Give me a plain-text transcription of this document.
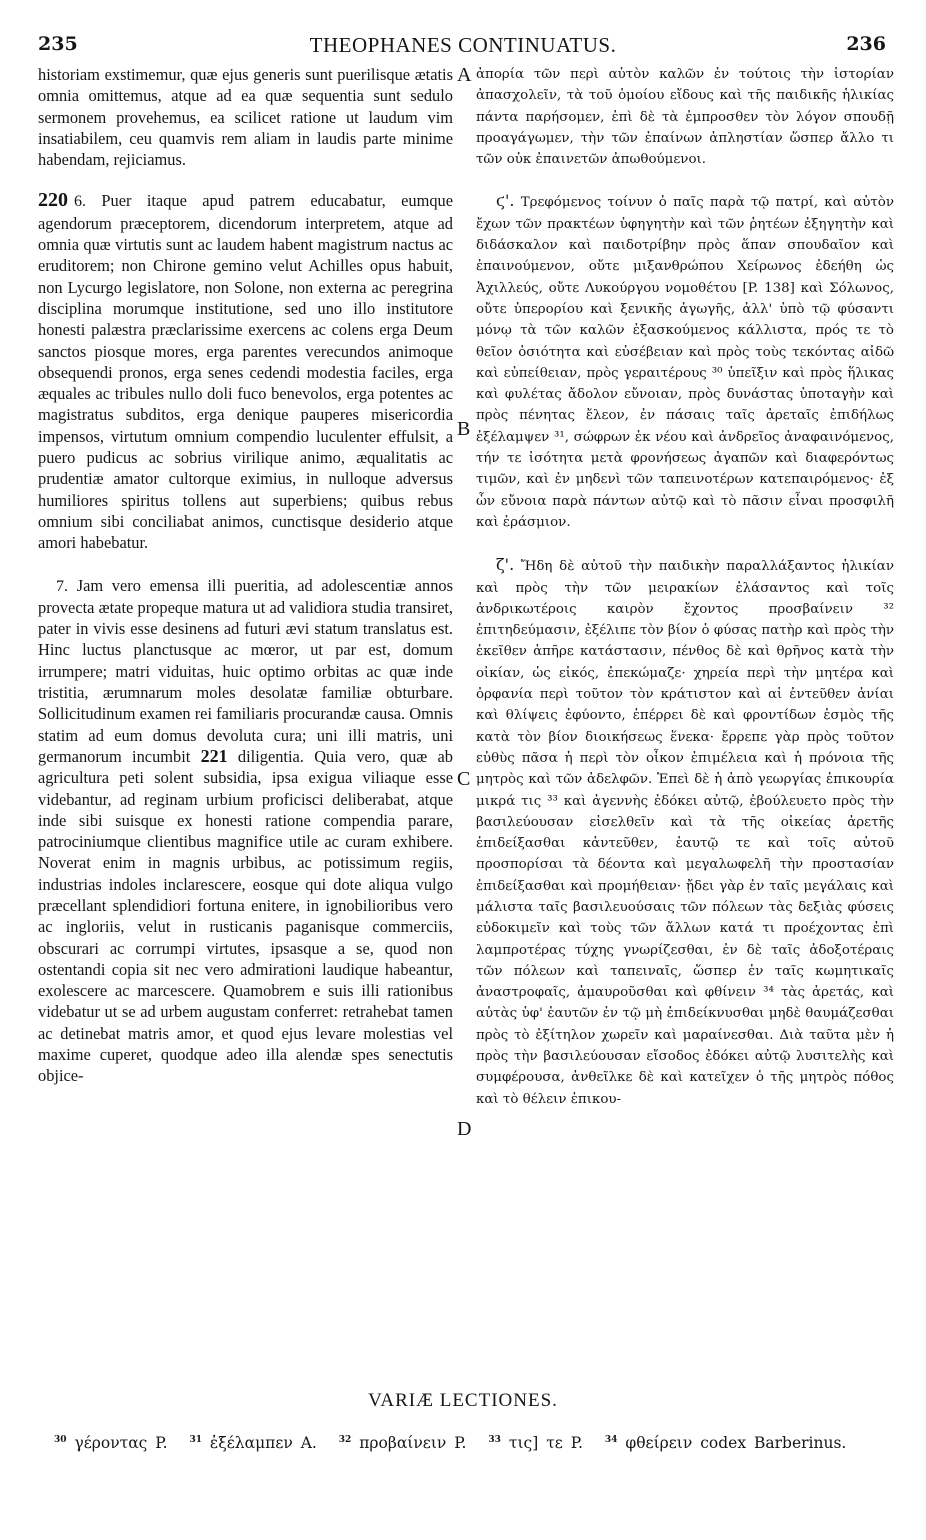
235	THEOPHANES CONTINUATUS.	236

historiam exstimemur, quæ ejus generis sunt puerilisque ætatis omnia omittemus, atque ad ea quæ sequentia sunt sedulo sermonem provehemus, ea scilicet ratione ut laudum vim insatiabilem, ceu quamvis rem aliam in laudis parte minime habendam, rejiciamus.

220 6. Puer itaque apud patrem educabatur, eumque agendorum præceptorem, dicendorum interpretem, atque ad omnia quæ virtutis sunt ac laudem habent magistrum nactus ac eruditorem; non Chirone gemino velut Achilles opus habuit, non Lycurgo legislatore, non Solone, non externa ac peregrina disciplina morumque institutione, sed uno illo institutore honesti palæstra præclarissime exercens ac colens erga Deum sanctos piosque mores, erga parentes verecundos animoque obsequendi pronos, erga senes cedendi modestia faciles, erga æquales ac tribules nullo doli fuco benevolos, erga potentes ac magistratus subditos, erga denique pauperes misericordia impensos, virtutum omnium compendio luculenter effulsit, a puero pudicus ac sobrius virilique animo, æqualitatis ac prudentiæ amator cultorque eximius, in nulloque adversus humiliores spiritus tollens aut superbiens; quibus rebus omnium sibi conciliabat animos, cunctisque desiderio atque amori habebatur.

7. Jam vero emensa illi pueritia, ad adolescentiæ annos provecta ætate propeque matura ut ad validiora studia transiret, pater in vivis esse desinens ad futuri ævi statum translatus est. Hinc luctus planctusque ac mœror, ut par est, domum irrumpere; matri viduitas, huic optimo orbitas ac quæ inde tristitia, ærumnarum moles desolatæ familiæ obturbare. Sollicitudinum examen rei familiaris procurandæ causa. Omnis statim ad eum domus devoluta cura; uni illi matris, uni germanorum incumbit 221 diligentia. Quia vero, quæ ab agricultura peti solent subsidia, ipsa exigua viliaque esse videbantur, ad reginam urbium proficisci deliberabat, atque inde sibi suisque ex honesti ratione compendia parare, patrociniumque clientibus magnifice utile ac curam exhibere. Noverat enim in magnis urbibus, ac potissimum regiis, industrias indoles inclarescere, eosque qui dote aliqua vulgo præcellant splendidiori fortuna enitere, in ignobilioribus vero ac ingloriis, velut in rusticanis paganisque commerciis, obscurari ac corrumpi virtutes, ipsasque a se, quod non ostentandi copia sit nec vero admirationi laudique habeantur, exolescere ac marcescere. Quamobrem e suis illi rationibus videbatur ut se ad urbem augustam conferret: retrahebat tamen ac detinebat matris amor, et quod ejus levare molestias vel maxime cuperet, quodque adeo illa alendæ spes senectutis objice-

A
B
C
D

ἀπορία τῶν περὶ αὐτὸν καλῶν ἐν τούτοις τὴν ἱστορίαν ἀπασχολεῖν, τὰ τοῦ ὁμοίου εἴδους καὶ τῆς παιδικῆς ἡλικίας πάντα παρήσομεν, ἐπὶ δὲ τὰ ἐμπροσθεν τὸν λόγον σπουδῇ προαγάγωμεν, τὴν τῶν ἐπαίνων ἀπληστίαν ὥσπερ ἄλλο τι τῶν οὐκ ἐπαινετῶν ἀπωθούμενοι.

ϛ'. Τρεφόμενος τοίνυν ὁ παῖς παρὰ τῷ πατρί, καὶ αὐτὸν ἔχων τῶν πρακτέων ὑφηγητὴν καὶ τῶν ῥητέων ἐξηγητὴν καὶ διδάσκαλον καὶ παιδοτρίβην πρὸς ἅπαν σπουδαῖον καὶ ἐπαινούμενον, οὔτε μιξανθρώπου Χείρωνος ἐδεήθη ὡς Ἀχιλλεύς, οὔτε Λυκούργου νομοθέτου [P. 138] καὶ Σόλωνος, οὔτε ὑπερορίου καὶ ξενικῆς ἀγωγῆς, ἀλλ' ὑπὸ τῷ φύσαντι μόνῳ τὰ τῶν καλῶν ἐξασκούμενος κάλλιστα, πρός τε τὸ θεῖον ὁσιότητα καὶ εὐσέβειαν καὶ πρὸς τοὺς τεκόντας αἰδῶ καὶ εὐπείθειαν, πρὸς γεραιτέρους ³⁰ ὑπεῖξιν καὶ πρὸς ἥλικας καὶ φυλέτας ἄδολον εὔνοιαν, πρὸς δυνάστας ὑποταγὴν καὶ πρὸς πένητας ἔλεον, ἐν πάσαις ταῖς ἀρεταῖς ἐπιδήλως ἐξέλαμψεν ³¹, σώφρων ἐκ νέου καὶ ἀνδρεῖος ἀναφαινόμενος, τήν τε ἰσότητα μετὰ φρονήσεως ἀγαπῶν καὶ διαφερόντως τιμῶν, καὶ ἐν μηδενὶ τῶν ταπεινοτέρων κατεπαιρόμενος· ἐξ ὧν εὔνοια παρὰ πάντων αὐτῷ καὶ τὸ πᾶσιν εἶναι προσφιλῆ καὶ ἐράσμιον.

ζ'. Ἤδη δὲ αὐτοῦ τὴν παιδικὴν παραλλάξαντος ἡλικίαν καὶ πρὸς τὴν τῶν μειρακίων ἐλάσαντος καὶ τοῖς ἀνδρικωτέροις καιρὸν ἔχοντος προσβαίνειν ³² ἐπιτηδεύμασιν, ἐξέλιπε τὸν βίον ὁ φύσας πατὴρ καὶ πρὸς τὴν ἐκεῖθεν ἀπῆρε κατάστασιν, πένθος δὲ καὶ θρῆνος κατὰ τὴν οἰκίαν, ὡς εἰκός, ἐπεκώμαζε· χηρεία περὶ τὴν μητέρα καὶ ὀρφανία περὶ τοῦτον τὸν κράτιστον καὶ αἱ ἐντεῦθεν ἀνίαι καὶ θλίψεις ἐφύοντο, ἐπέρρει δὲ καὶ φροντίδων ἑσμὸς τῆς κατὰ τὸν βίον διοικήσεως ἕνεκα· ἔρρεπε γὰρ πρὸς τοῦτον εὐθὺς πᾶσα ἡ περὶ τὸν οἶκον ἐπιμέλεια καὶ ἡ πρόνοια τῆς μητρὸς καὶ τῶν ἀδελφῶν. Ἐπεὶ δὲ ἡ ἀπὸ γεωργίας ἐπικουρία μικρά τις ³³ καὶ ἀγεννὴς ἐδόκει αὐτῷ, ἐβούλευετο πρὸς τὴν βασιλεύουσαν εἰσελθεῖν καὶ τὰ τῆς οἰκείας ἀρετῆς ἐπιδείξασθαι κἀντεῦθεν, ἑαυτῷ τε καὶ τοῖς αὐτοῦ προσπορίσαι τὰ δέοντα καὶ μεγαλωφελῆ τὴν προστασίαν ἐπιδείξασθαι καὶ προμήθειαν· ᾔδει γὰρ ἐν ταῖς μεγάλαις καὶ μάλιστα ταῖς βασιλευούσαις τῶν πόλεων τὰς δεξιὰς φύσεις εὐδοκιμεῖν καὶ τοὺς τῶν ἄλλων κατά τι προέχοντας ἐπὶ λαμπροτέρας τύχης γνωρίζεσθαι, ἐν δὲ ταῖς ἀδοξοτέραις τῶν πόλεων καὶ ταπειναῖς, ὥσπερ ἐν ταῖς κωμητικαῖς ἀναστροφαῖς, ἀμαυροῦσθαι καὶ φθίνειν ³⁴ τὰς ἀρετάς, καὶ αὐτὰς ὑφ' ἑαυτῶν ἐν τῷ μὴ ἐπιδείκνυσθαι μηδὲ θαυμάζεσθαι πρὸς τὸ ἐξίτηλον χωρεῖν καὶ μαραίνεσθαι. Διὰ ταῦτα μὲν ἡ πρὸς τὴν βασιλεύουσαν εἴσοδος ἐδόκει αὐτῷ λυσιτελὴς καὶ συμφέρουσα, ἀνθεῖλκε δὲ καὶ κατεῖχεν ὁ τῆς μητρὸς πόθος καὶ τὸ θέλειν ἐπικου-

VARIÆ LECTIONES.
$^{30}$ γέροντας P. $^{31}$ ἐξέλαμπεν A. $^{32}$ προβαίνειν P. $^{33}$ τις] τε P. $^{34}$ φθείρειν codex Barberinus.
